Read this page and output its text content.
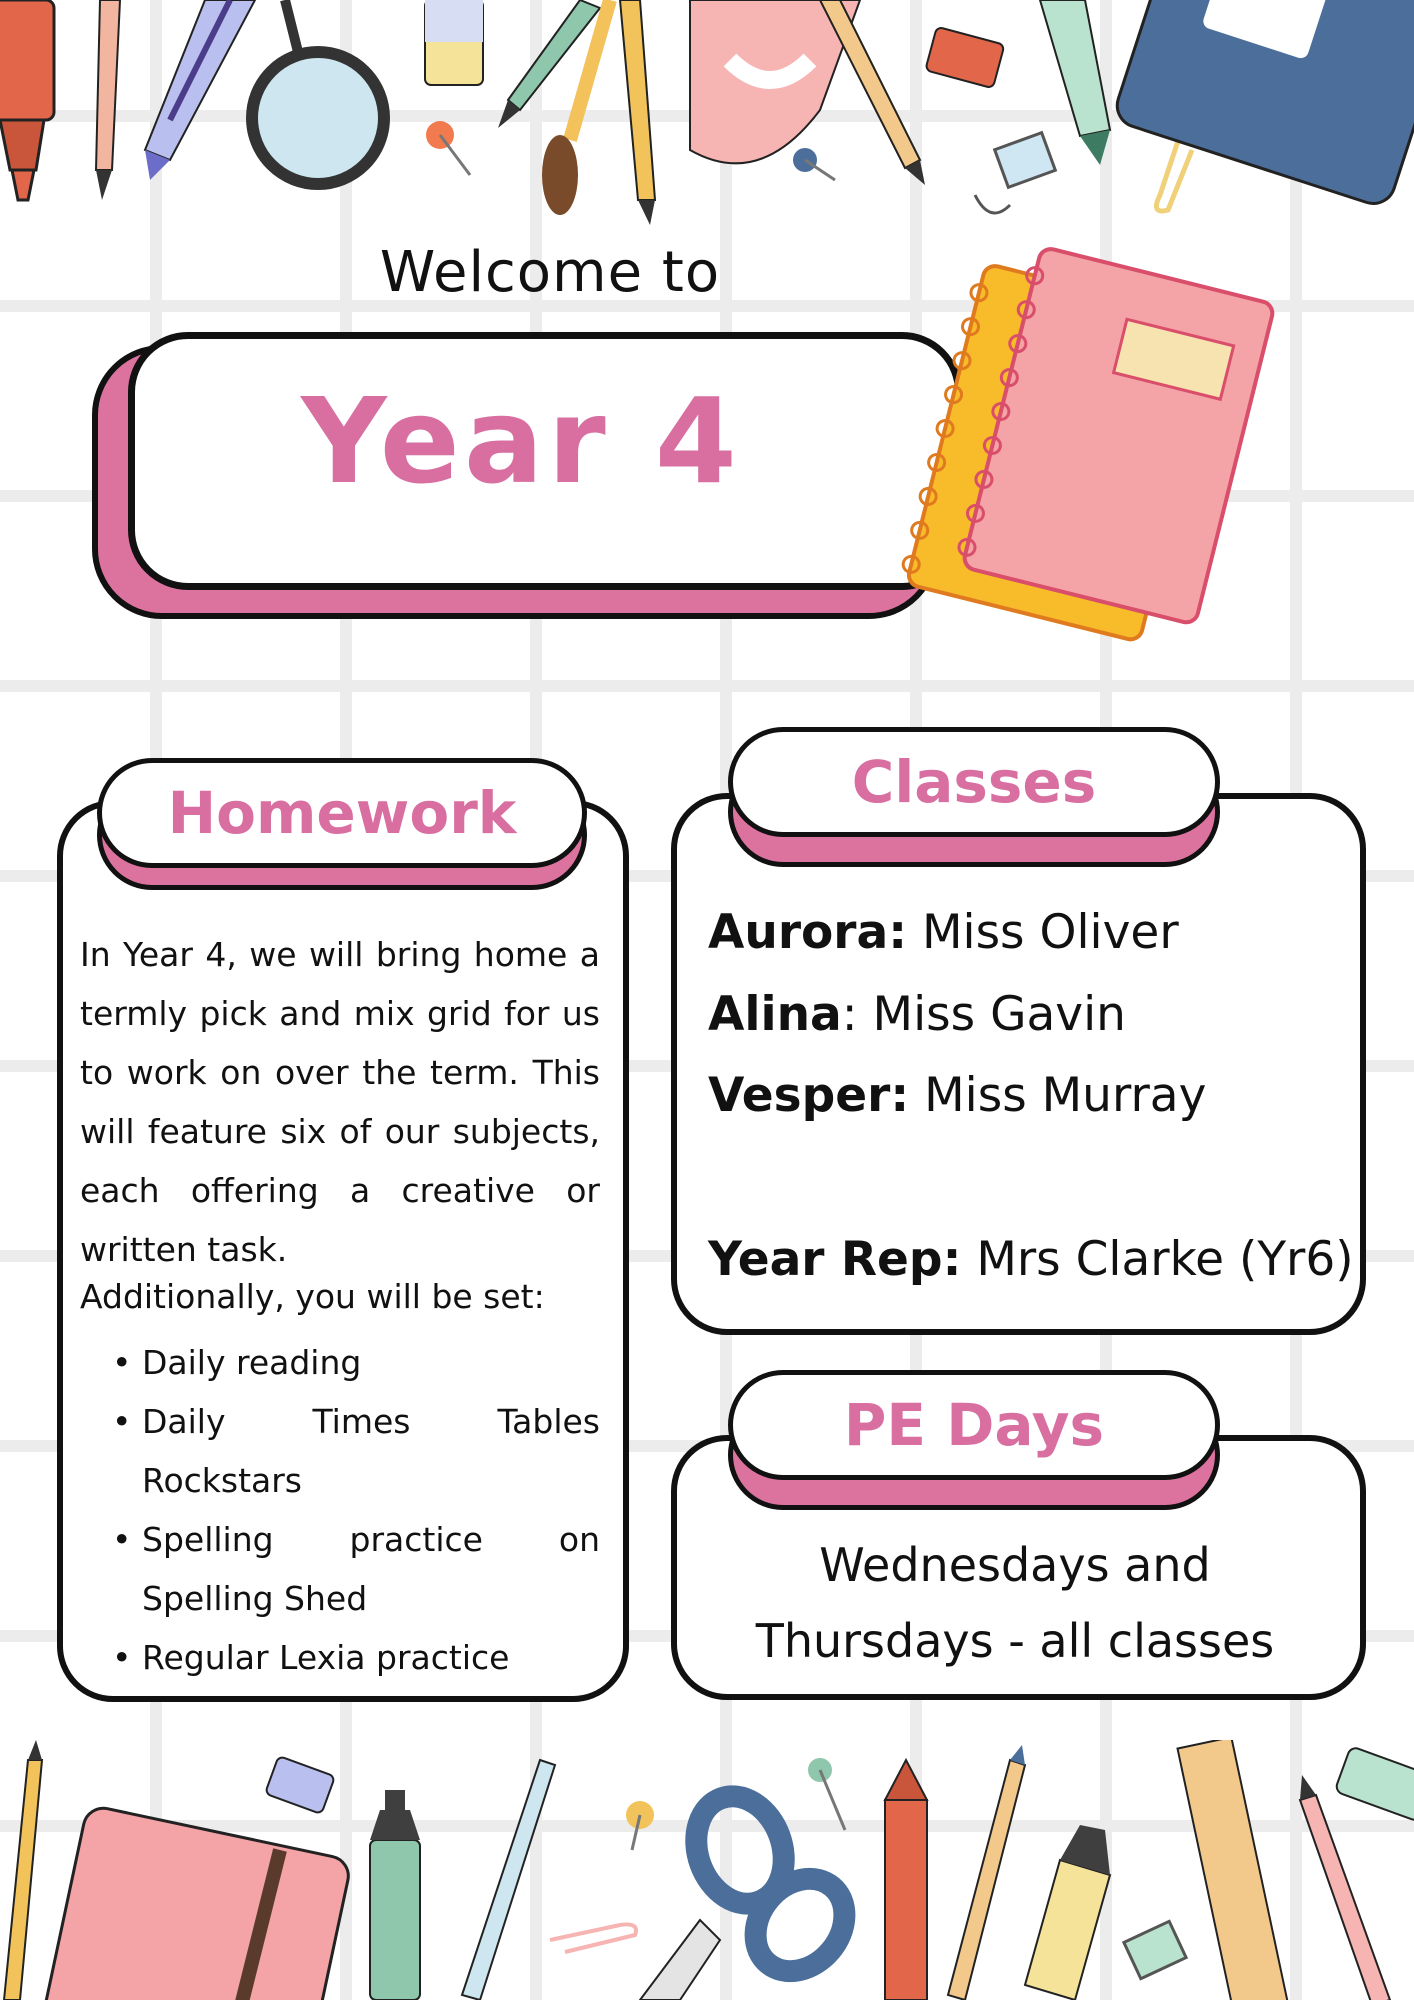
Welcome to
Year 4
Homework
In Year 4, we will bring home a termly pick and mix grid for us to work on over the term. This will feature six of our subjects, each offering a creative or written task.
Additionally, you will be set:
• Daily reading
• Daily Times Tables Rockstars
• Spelling practice on Spelling Shed
• Regular Lexia practice
Classes
Aurora: Miss Oliver
Alina: Miss Gavin
Vesper: Miss Murray
Year Rep: Mrs Clarke (Yr6)
PE Days
Wednesdays and
Thursdays - all classes
